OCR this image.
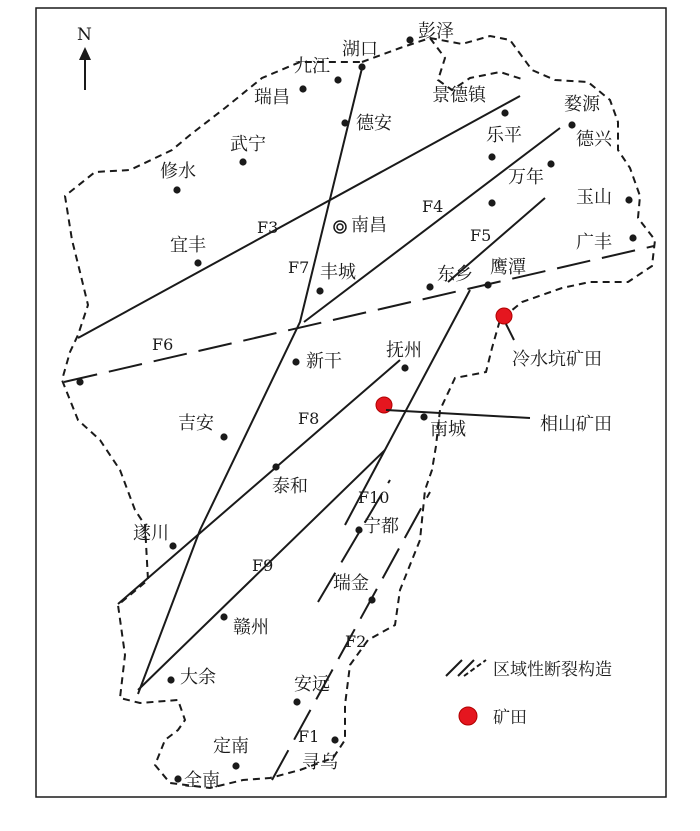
N
F1
F2
F3
F4
F5
F6
F7
F8
F9
F10
彭泽
湖口
九江
瑞昌
德安
景德镇	婺源
乐平	德兴
武宁
修水	万年
玉山
南昌
宜丰	广丰
丰城	东乡 鹰潭
新干
抚州
吉安	南城
泰和
遂川	宁都
瑞金
赣州
大余	安远
定南
寻乌
全南
冷水坑矿田
相山矿田
区域性断裂构造
矿田
